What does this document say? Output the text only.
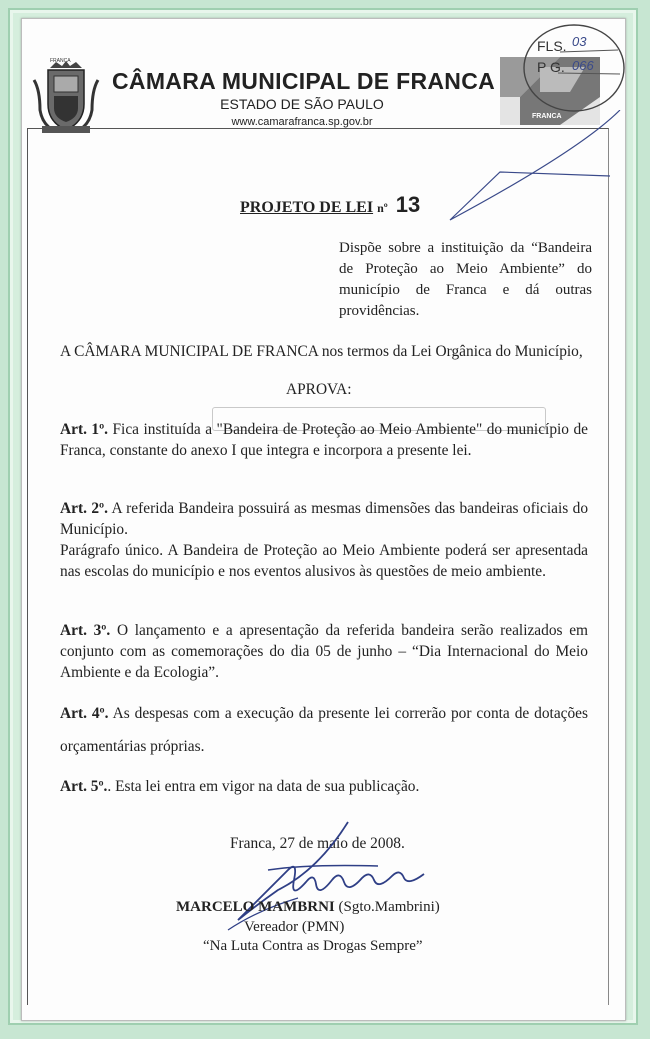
FRANCA
CÂMARA MUNICIPAL DE FRANCA
ESTADO DE SÃO PAULO
www.camarafranca.sp.gov.br	FRANCA
FLS. 03
P G. 066
PROJETO DE LEI nº 13
Dispõe sobre a instituição da “Bandeira de Proteção ao Meio Ambiente” do município de Franca e dá outras providências.
A CÂMARA MUNICIPAL DE FRANCA nos termos da Lei Orgânica do Município,
APROVA:
Art. 1º. Fica instituída a "Bandeira de Proteção ao Meio Ambiente" do município de Franca, constante do anexo I que integra e incorpora a presente lei.
Art. 2º. A referida Bandeira possuirá as mesmas dimensões das bandeiras oficiais do Município.
Parágrafo único. A Bandeira de Proteção ao Meio Ambiente poderá ser apresentada nas escolas do município e nos eventos alusivos às questões de meio ambiente.
Art. 3º. O lançamento e a apresentação da referida bandeira serão realizados em conjunto com as comemorações do dia 05 de junho – “Dia Internacional do Meio Ambiente e da Ecologia”.
Art. 4º. As despesas com a execução da presente lei correrão por conta de dotações orçamentárias próprias.
Art. 5º.. Esta lei entra em vigor na data de sua publicação.
Franca, 27 de maio de 2008.
MARCELO MAMBRNI (Sgto.Mambrini)
Vereador (PMN)
“Na Luta Contra as Drogas Sempre”
